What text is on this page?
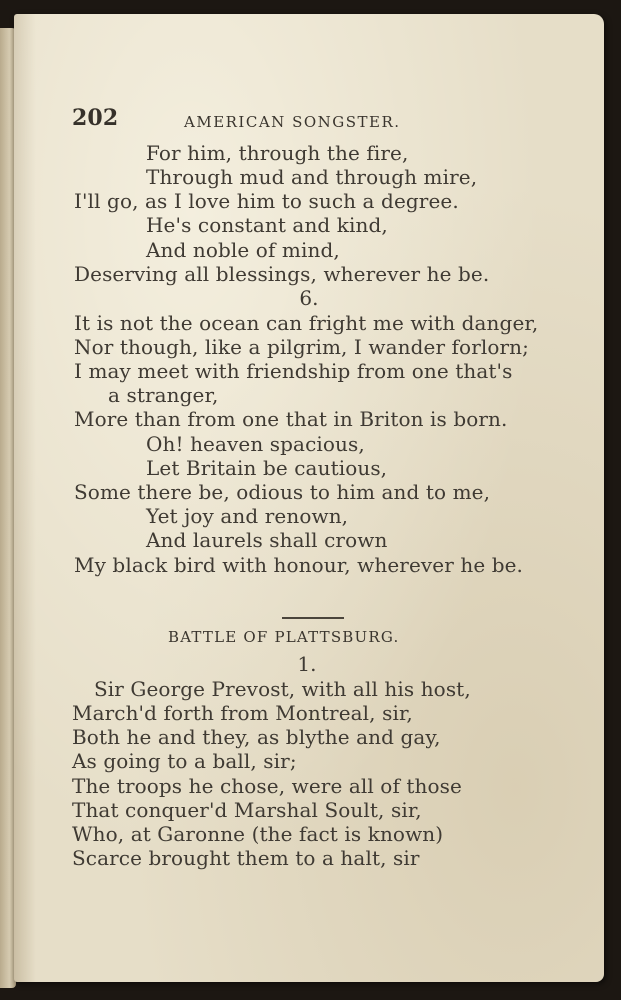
202	AMERICAN SONGSTER.
For him, through the fire,
Through mud and through mire,
I'll go, as I love him to such a degree.
He's constant and kind,
And noble of mind,
Deserving all blessings, wherever he be.
6.
It is not the ocean can fright me with danger,
Nor though, like a pilgrim, I wander forlorn;
I may meet with friendship from one that's
a stranger,
More than from one that in Briton is born.
Oh! heaven spacious,
Let Britain be cautious,
Some there be, odious to him and to me,
Yet joy and renown,
And laurels shall crown
My black bird with honour, wherever he be.
BATTLE OF PLATTSBURG.
1.
Sir George Prevost, with all his host,
March'd forth from Montreal, sir,
Both he and they, as blythe and gay,
As going to a ball, sir;
The troops he chose, were all of those
That conquer'd Marshal Soult, sir,
Who, at Garonne (the fact is known)
Scarce brought them to a halt, sir
